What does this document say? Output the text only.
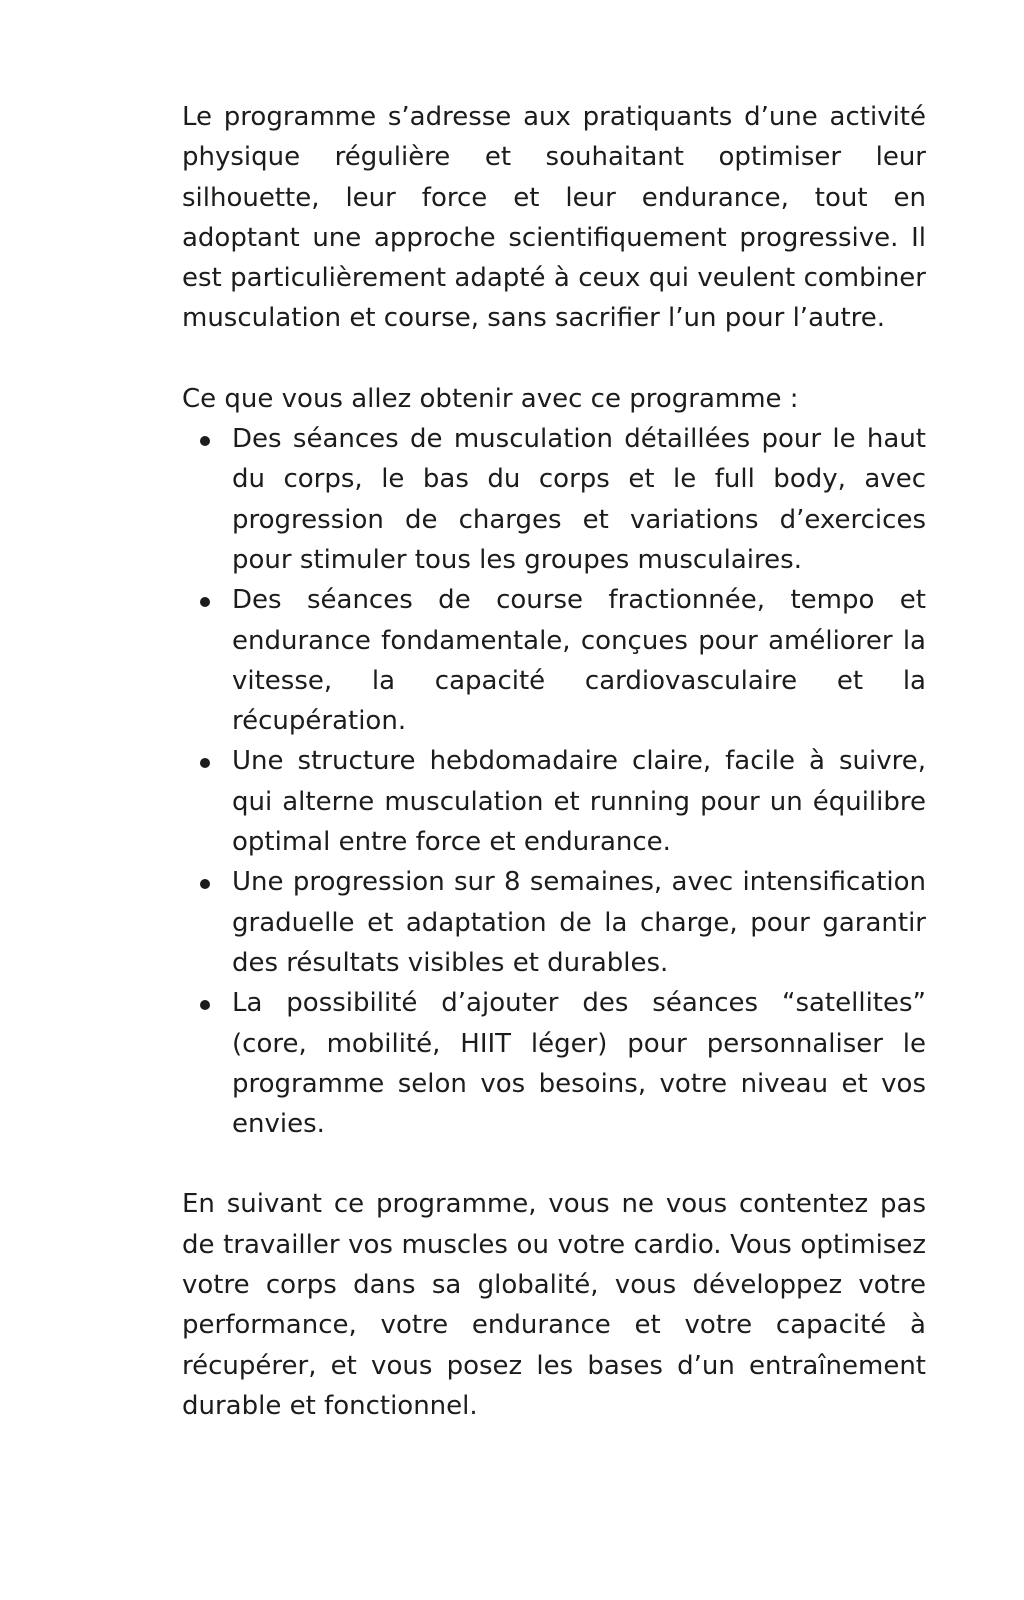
Le programme s’adresse aux pratiquants d’une activité physique régulière et souhaitant optimiser leur silhouette, leur force et leur endurance, tout en adoptant une approche scientifiquement progressive. Il est particulièrement adapté à ceux qui veulent combiner musculation et course, sans sacrifier l’un pour l’autre.

Ce que vous allez obtenir avec ce programme :

Des séances de musculation détaillées pour le haut du corps, le bas du corps et le full body, avec progression de charges et variations d’exercices pour stimuler tous les groupes musculaires.
Des séances de course fractionnée, tempo et endurance fondamentale, conçues pour améliorer la vitesse, la capacité cardiovasculaire et la récupération.
Une structure hebdomadaire claire, facile à suivre, qui alterne musculation et running pour un équilibre optimal entre force et endurance.
Une progression sur 8 semaines, avec intensification graduelle et adaptation de la charge, pour garantir des résultats visibles et durables.
La possibilité d’ajouter des séances “satellites” (core, mobilité, HIIT léger) pour personnaliser le programme selon vos besoins, votre niveau et vos envies.

En suivant ce programme, vous ne vous contentez pas de travailler vos muscles ou votre cardio. Vous optimisez votre corps dans sa globalité, vous développez votre performance, votre endurance et votre capacité à récupérer, et vous posez les bases d’un entraînement durable et fonctionnel.
